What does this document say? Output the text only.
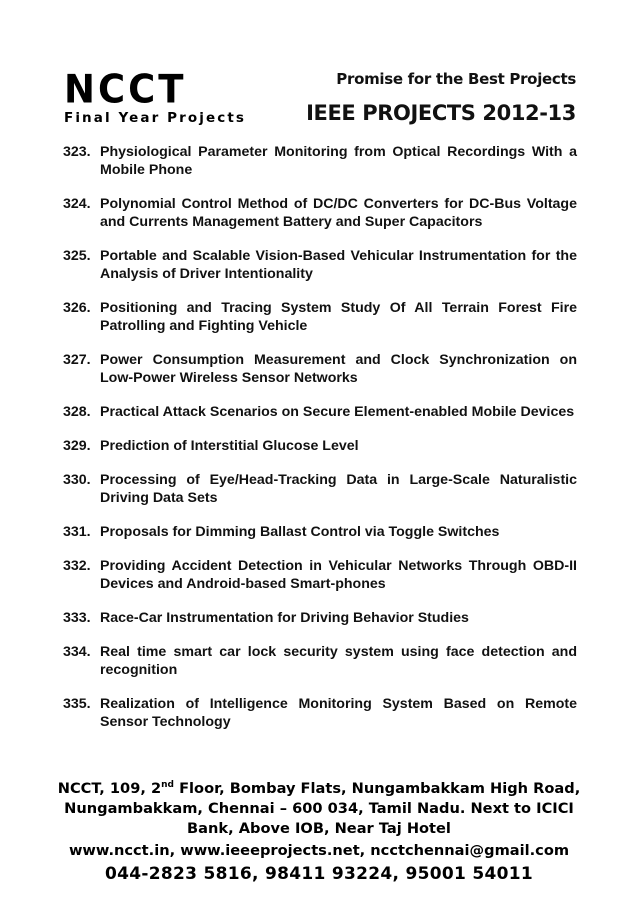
NCCT
Final Year Projects
Promise for the Best Projects
IEEE PROJECTS 2012-13
323. Physiological Parameter Monitoring from Optical Recordings With a Mobile Phone
324. Polynomial Control Method of DC/DC Converters for DC-Bus Voltage and Currents Management Battery and Super Capacitors
325. Portable and Scalable Vision-Based Vehicular Instrumentation for the Analysis of Driver Intentionality
326. Positioning and Tracing System Study Of All Terrain Forest Fire Patrolling and Fighting Vehicle
327. Power Consumption Measurement and Clock Synchronization on Low-Power Wireless Sensor Networks
328. Practical Attack Scenarios on Secure Element-enabled Mobile Devices
329. Prediction of Interstitial Glucose Level
330. Processing of Eye/Head-Tracking Data in Large-Scale Naturalistic Driving Data Sets
331. Proposals for Dimming Ballast Control via Toggle Switches
332. Providing Accident Detection in Vehicular Networks Through OBD-II Devices and Android-based Smart-phones
333. Race-Car Instrumentation for Driving Behavior Studies
334. Real time smart car lock security system using face detection and recognition
335. Realization of Intelligence Monitoring System Based on Remote Sensor Technology
NCCT, 109, 2nd Floor, Bombay Flats, Nungambakkam High Road, Nungambakkam, Chennai – 600 034, Tamil Nadu. Next to ICICI Bank, Above IOB, Near Taj Hotel
www.ncct.in, www.ieeeprojects.net, ncctchennai@gmail.com
044-2823 5816, 98411 93224, 95001 54011
